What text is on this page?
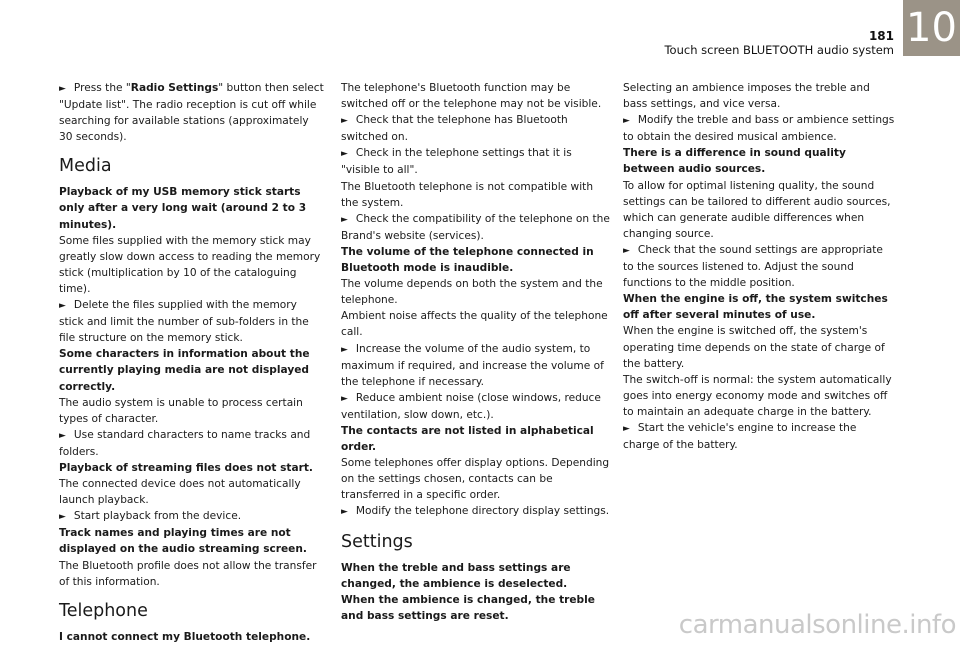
181
Touch screen BLUETOOTH audio system 10

► Press the "Radio Settings" button then select "Update list". The radio reception is cut off while searching for available stations (approximately 30 seconds).

Media

Playback of my USB memory stick starts only after a very long wait (around 2 to 3 minutes).

Some files supplied with the memory stick may greatly slow down access to reading the memory stick (multiplication by 10 of the cataloguing time).

► Delete the files supplied with the memory stick and limit the number of sub-folders in the file structure on the memory stick.

Some characters in information about the currently playing media are not displayed correctly.

The audio system is unable to process certain types of character.

► Use standard characters to name tracks and folders.

Playback of streaming files does not start.

The connected device does not automatically launch playback.

► Start playback from the device.

Track names and playing times are not displayed on the audio streaming screen.

The Bluetooth profile does not allow the transfer of this information.

Telephone

I cannot connect my Bluetooth telephone.

The telephone's Bluetooth function may be switched off or the telephone may not be visible.

► Check that the telephone has Bluetooth switched on.

► Check in the telephone settings that it is "visible to all".

The Bluetooth telephone is not compatible with the system.

► Check the compatibility of the telephone on the Brand's website (services).

The volume of the telephone connected in Bluetooth mode is inaudible.

The volume depends on both the system and the telephone.

Ambient noise affects the quality of the telephone call.

► Increase the volume of the audio system, to maximum if required, and increase the volume of the telephone if necessary.

► Reduce ambient noise (close windows, reduce ventilation, slow down, etc.).

The contacts are not listed in alphabetical order.

Some telephones offer display options. Depending on the settings chosen, contacts can be transferred in a specific order.

► Modify the telephone directory display settings.

Settings

When the treble and bass settings are changed, the ambience is deselected.

When the ambience is changed, the treble and bass settings are reset.

Selecting an ambience imposes the treble and bass settings, and vice versa.

► Modify the treble and bass or ambience settings to obtain the desired musical ambience.

There is a difference in sound quality between audio sources.

To allow for optimal listening quality, the sound settings can be tailored to different audio sources, which can generate audible differences when changing source.

► Check that the sound settings are appropriate to the sources listened to. Adjust the sound functions to the middle position.

When the engine is off, the system switches off after several minutes of use.

When the engine is switched off, the system's operating time depends on the state of charge of the battery.

The switch-off is normal: the system automatically goes into energy economy mode and switches off to maintain an adequate charge in the battery.

► Start the vehicle's engine to increase the charge of the battery.

carmanualsonline.info
